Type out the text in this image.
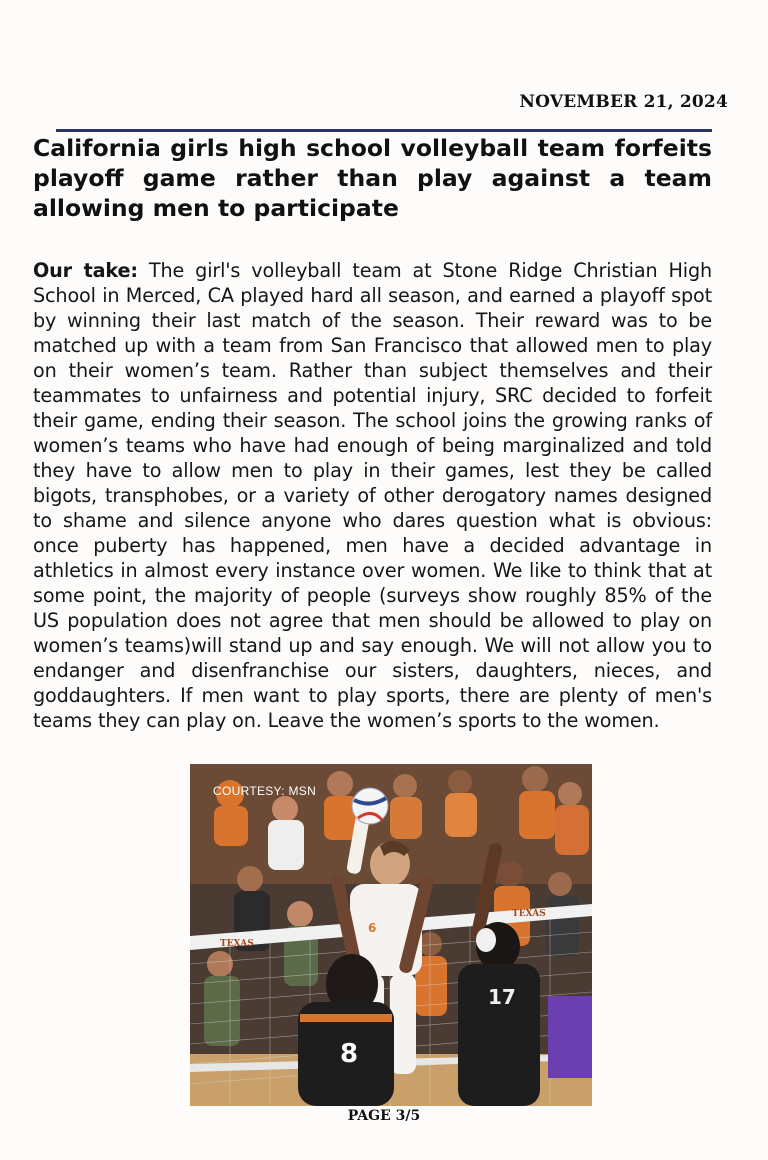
NOVEMBER 21, 2024
California girls high school volleyball team forfeits playoff game rather than play against a team allowing men to participate

Our take: The girl's volleyball team at Stone Ridge Christian High School in Merced, CA played hard all season, and earned a playoff spot by winning their last match of the season. Their reward was to be matched up with a team from San Francisco that allowed men to play on their women’s team. Rather than subject themselves and their teammates to unfairness and potential injury, SRC decided to forfeit their game, ending their season. The school joins the growing ranks of women’s teams who have had enough of being marginalized and told they have to allow men to play in their games, lest they be called bigots, transphobes, or a variety of other derogatory names designed to shame and silence anyone who dares question what is obvious: once puberty has happened, men have a decided advantage in athletics in almost every instance over women. We like to think that at some point, the majority of people (surveys show roughly 85% of the US population does not agree that men should be allowed to play on women’s teams)will stand up and say enough. We will not allow you to endanger and disenfranchise our sisters, daughters, nieces, and goddaughters. If men want to play sports, there are plenty of men's teams they can play on. Leave the women’s sports to the women.

TEXAS
TEXAS
6
8
17
COURTESY: MSN
PAGE 3/5
